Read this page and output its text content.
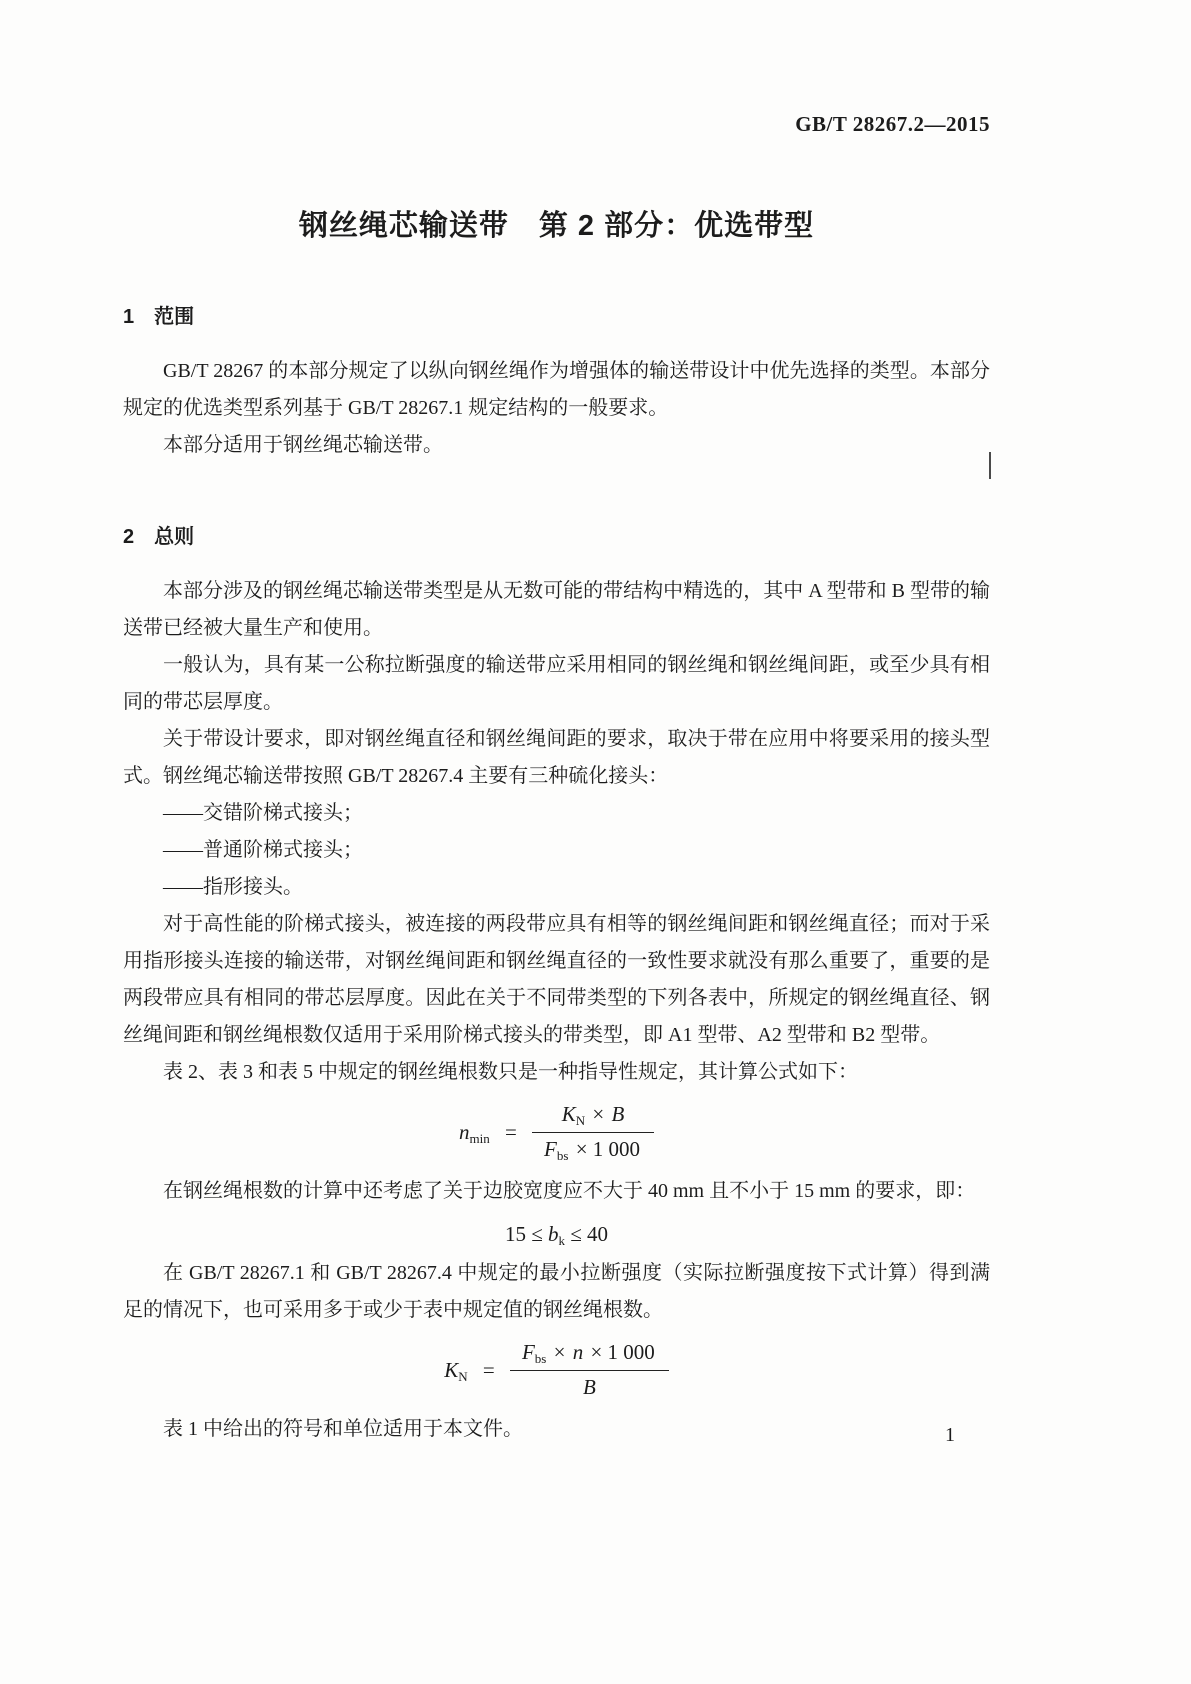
GB/T 28267.2—2015
钢丝绳芯输送带　第 2 部分：优选带型
1　范围

GB/T 28267 的本部分规定了以纵向钢丝绳作为增强体的输送带设计中优先选择的类型。本部分规定的优选类型系列基于 GB/T 28267.1 规定结构的一般要求。

本部分适用于钢丝绳芯输送带。

2　总则

本部分涉及的钢丝绳芯输送带类型是从无数可能的带结构中精选的，其中 A 型带和 B 型带的输送带已经被大量生产和使用。

一般认为，具有某一公称拉断强度的输送带应采用相同的钢丝绳和钢丝绳间距，或至少具有相同的带芯层厚度。

关于带设计要求，即对钢丝绳直径和钢丝绳间距的要求，取决于带在应用中将要采用的接头型式。钢丝绳芯输送带按照 GB/T 28267.4 主要有三种硫化接头：

——交错阶梯式接头；

——普通阶梯式接头；

——指形接头。

对于高性能的阶梯式接头，被连接的两段带应具有相等的钢丝绳间距和钢丝绳直径；而对于采用指形接头连接的输送带，对钢丝绳间距和钢丝绳直径的一致性要求就没有那么重要了，重要的是两段带应具有相同的带芯层厚度。因此在关于不同带类型的下列各表中，所规定的钢丝绳直径、钢丝绳间距和钢丝绳根数仅适用于采用阶梯式接头的带类型，即 A1 型带、A2 型带和 B2 型带。

表 2、表 3 和表 5 中规定的钢丝绳根数只是一种指导性规定，其计算公式如下：

$n_{min} = \frac{K_N \times B}{F_{bs} \times 1 000}$

在钢丝绳根数的计算中还考虑了关于边胶宽度应不大于 40 mm 且不小于 15 mm 的要求，即：

$15 \le b_k \le 40$

在 GB/T 28267.1 和 GB/T 28267.4 中规定的最小拉断强度（实际拉断强度按下式计算）得到满足的情况下，也可采用多于或少于表中规定值的钢丝绳根数。

$K_N = \frac{F_{bs} \times n \times 1 000}{B}$

表 1 中给出的符号和单位适用于本文件。	1
